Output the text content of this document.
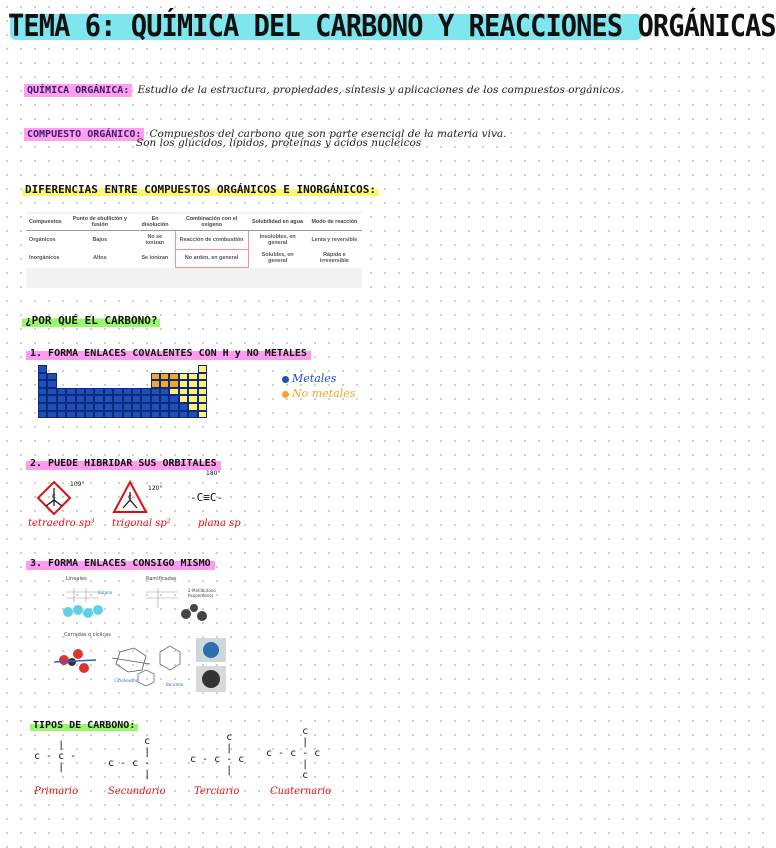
TEMA 6: QUÍMICA DEL CARBONO Y REACCIONES ORGÁNICAS
QUÍMICA ORGÁNICA: Estudio de la estructura, propiedades, síntesis y aplicaciones de los compuestos orgánicos.
COMPUESTO ORGÁNICO: Compuestos del carbono que son parte esencial de la materia viva.
Son los glúcidos, lípidos, proteínas y ácidos nucléicos
DIFERENCIAS ENTRE COMPUESTOS ORGÁNICOS E INORGÁNICOS:
Compuestos	Punto de ebullición y fusión	En disolución	Combinación con el oxígeno	Solubilidad en agua	Modo de reacción
Orgánicos	Bajos	No se ionizan	Reacción de combustión	Insolubles, en general	Lenta y reversible
Inorgánicos	Altos	Se ionizan	No arden, en general	Solubles, en general	Rápida e irreversible
¿POR QUÉ EL CARBONO?
1. FORMA ENLACES COVALENTES CON H y NO METALES
Metales
No metales
2. PUEDE HIBRIDAR SUS ORBITALES
c
109°
tetraedro sp³
c
120°
trigonal sp²
180°
-C≡C-
plana sp
3. FORMA ENLACES CONSIGO MISMO
Lineales	Ramificadas
Butano	2-Metilbutano (isopentano)
Cerradas o cíclicas
Ciclohexano
Benceno
TIPOS DE CARBONO:
|
c - c -
|
c
|
c - c -
|
c
|
c - c - c
|
c
|
c - c - c
|
c
Primario	Secundario	Terciario	Cuaternario
